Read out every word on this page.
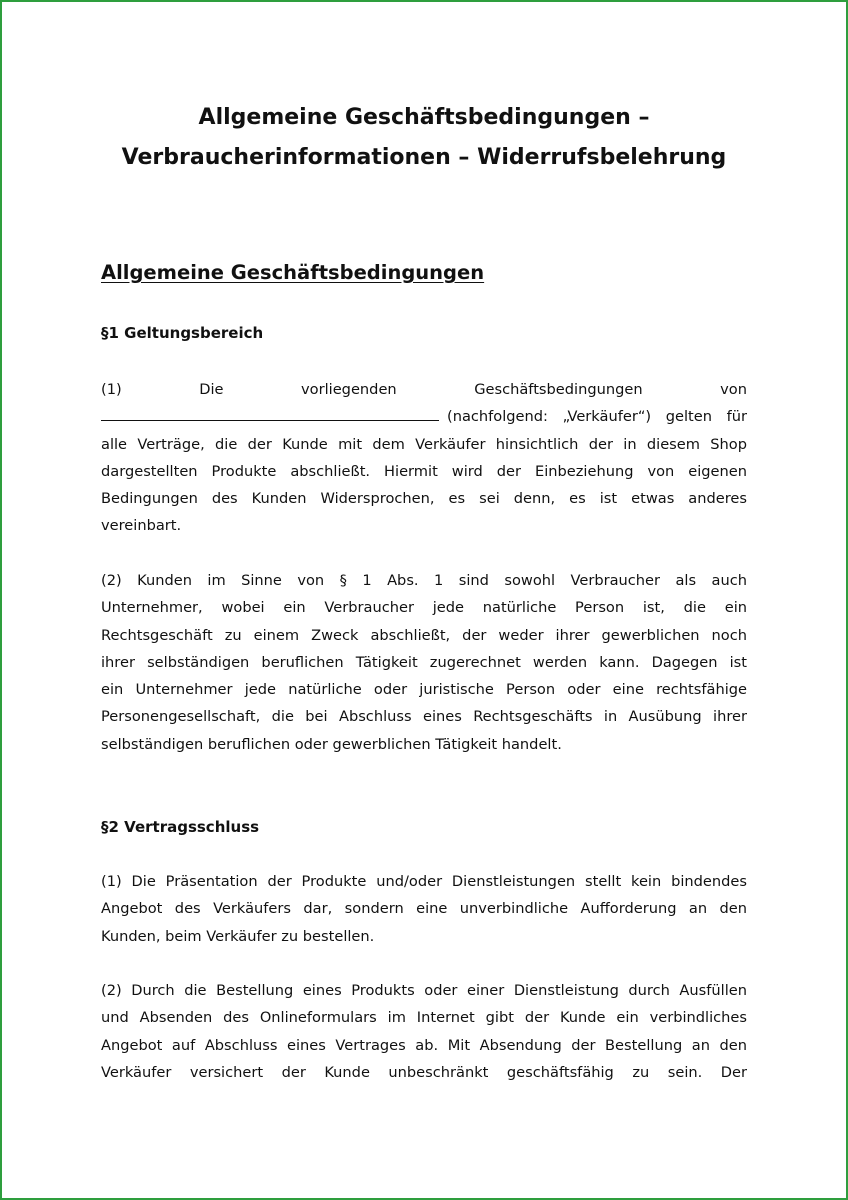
Allgemeine Geschäftsbedingungen –
Verbraucherinformationen – Widerrufsbelehrung
Allgemeine Geschäftsbedingungen
§1 Geltungsbereich
(1)	Die	vorliegenden	Geschäftsbedingungen	von
(nachfolgend: „Verkäufer“) gelten für
alle Verträge, die der Kunde mit dem Verkäufer hinsichtlich der in diesem Shop
dargestellten Produkte abschließt. Hiermit wird der Einbeziehung von eigenen
Bedingungen des Kunden Widersprochen, es sei denn, es ist etwas anderes
vereinbart.
(2) Kunden im Sinne von § 1 Abs. 1 sind sowohl Verbraucher als auch
Unternehmer, wobei ein Verbraucher jede natürliche Person ist, die ein
Rechtsgeschäft zu einem Zweck abschließt, der weder ihrer gewerblichen noch
ihrer selbständigen beruflichen Tätigkeit zugerechnet werden kann. Dagegen ist
ein Unternehmer jede natürliche oder juristische Person oder eine rechtsfähige
Personengesellschaft, die bei Abschluss eines Rechtsgeschäfts in Ausübung ihrer
selbständigen beruflichen oder gewerblichen Tätigkeit handelt.
§2 Vertragsschluss
(1) Die Präsentation der Produkte und/oder Dienstleistungen stellt kein bindendes
Angebot des Verkäufers dar, sondern eine unverbindliche Aufforderung an den
Kunden, beim Verkäufer zu bestellen.
(2) Durch die Bestellung eines Produkts oder einer Dienstleistung durch Ausfüllen
und Absenden des Onlineformulars im Internet gibt der Kunde ein verbindliches
Angebot auf Abschluss eines Vertrages ab. Mit Absendung der Bestellung an den
Verkäufer versichert der Kunde unbeschränkt geschäftsfähig zu sein. Der
